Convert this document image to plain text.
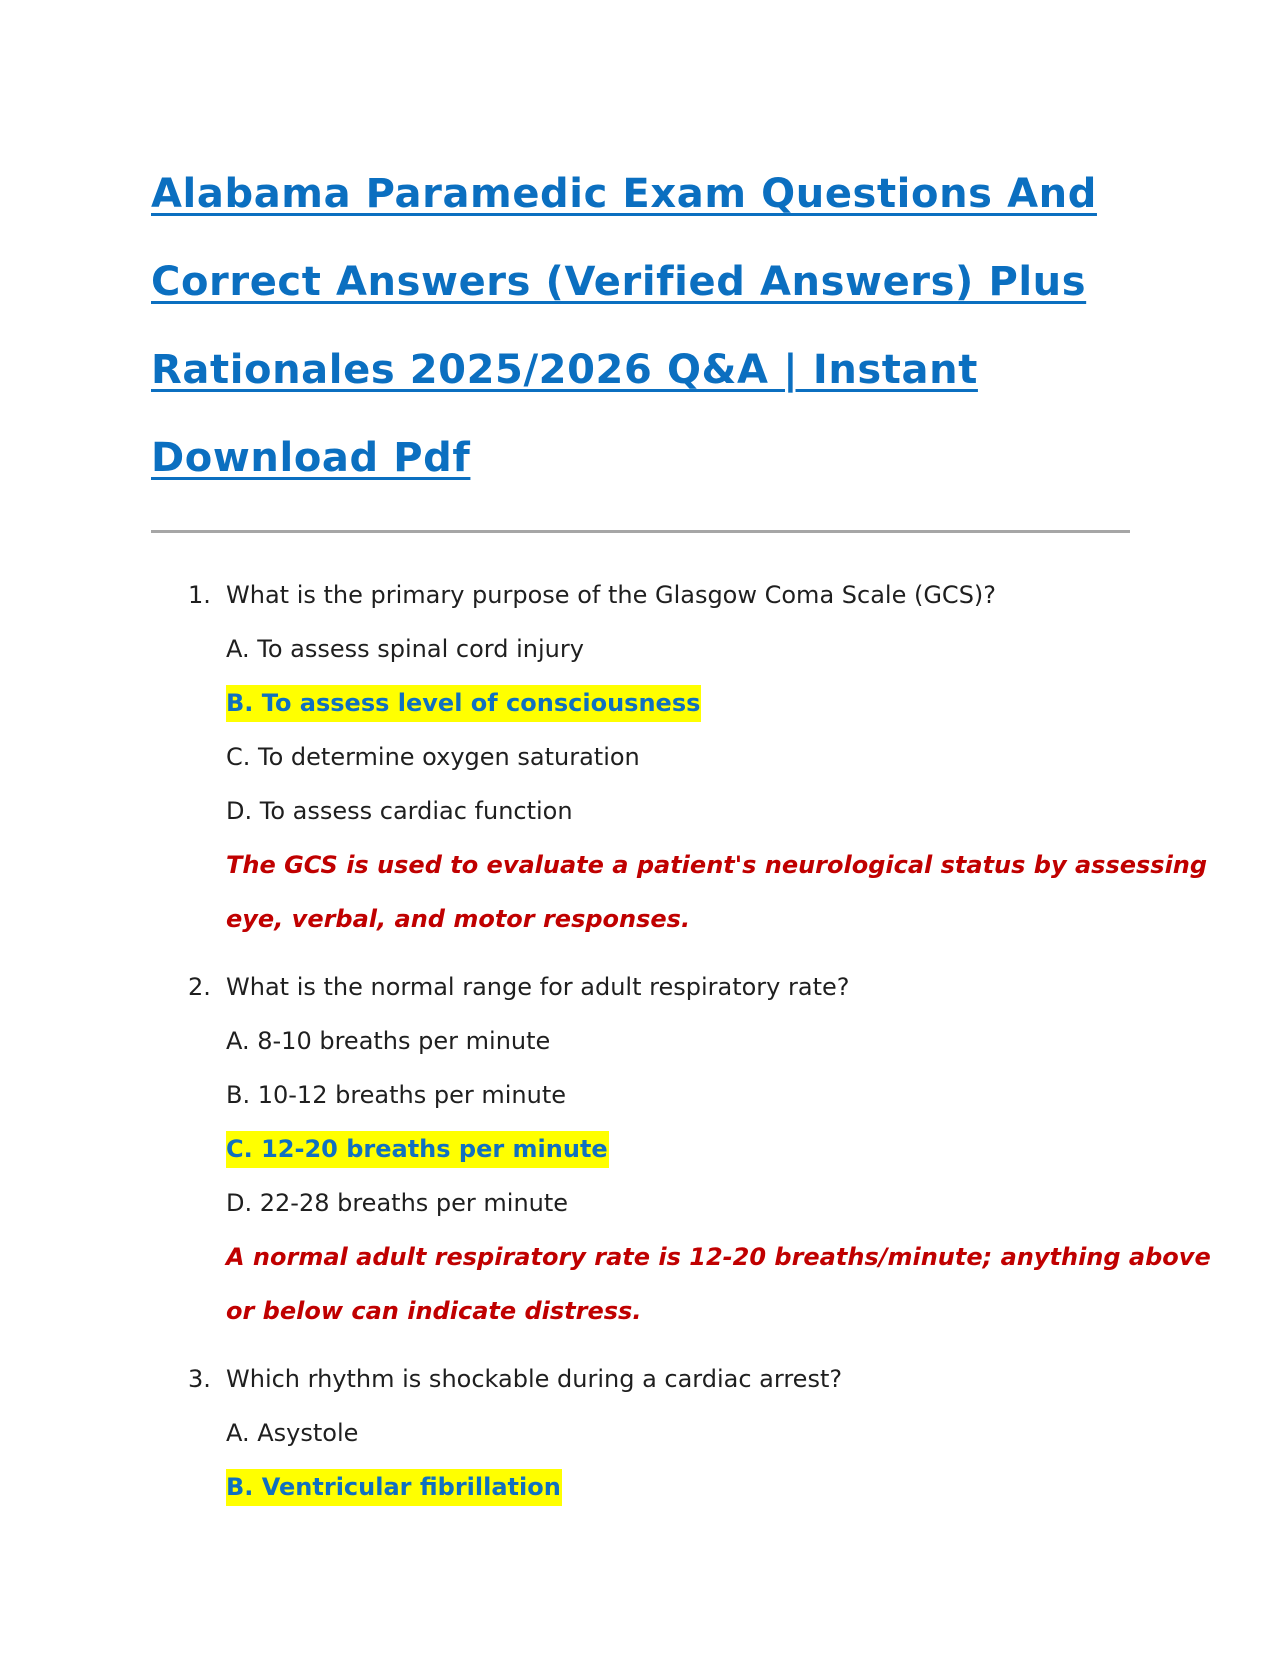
Alabama Paramedic Exam Questions And
Correct Answers (Verified Answers) Plus
Rationales 2025/2026 Q&A | Instant
Download Pdf
1. What is the primary purpose of the Glasgow Coma Scale (GCS)?
A. To assess spinal cord injury
B. To assess level of consciousness
C. To determine oxygen saturation
D. To assess cardiac function
The GCS is used to evaluate a patient's neurological status by assessing
eye, verbal, and motor responses.
2. What is the normal range for adult respiratory rate?
A. 8-10 breaths per minute
B. 10-12 breaths per minute
C. 12-20 breaths per minute
D. 22-28 breaths per minute
A normal adult respiratory rate is 12-20 breaths/minute; anything above
or below can indicate distress.
3. Which rhythm is shockable during a cardiac arrest?
A. Asystole
B. Ventricular fibrillation
